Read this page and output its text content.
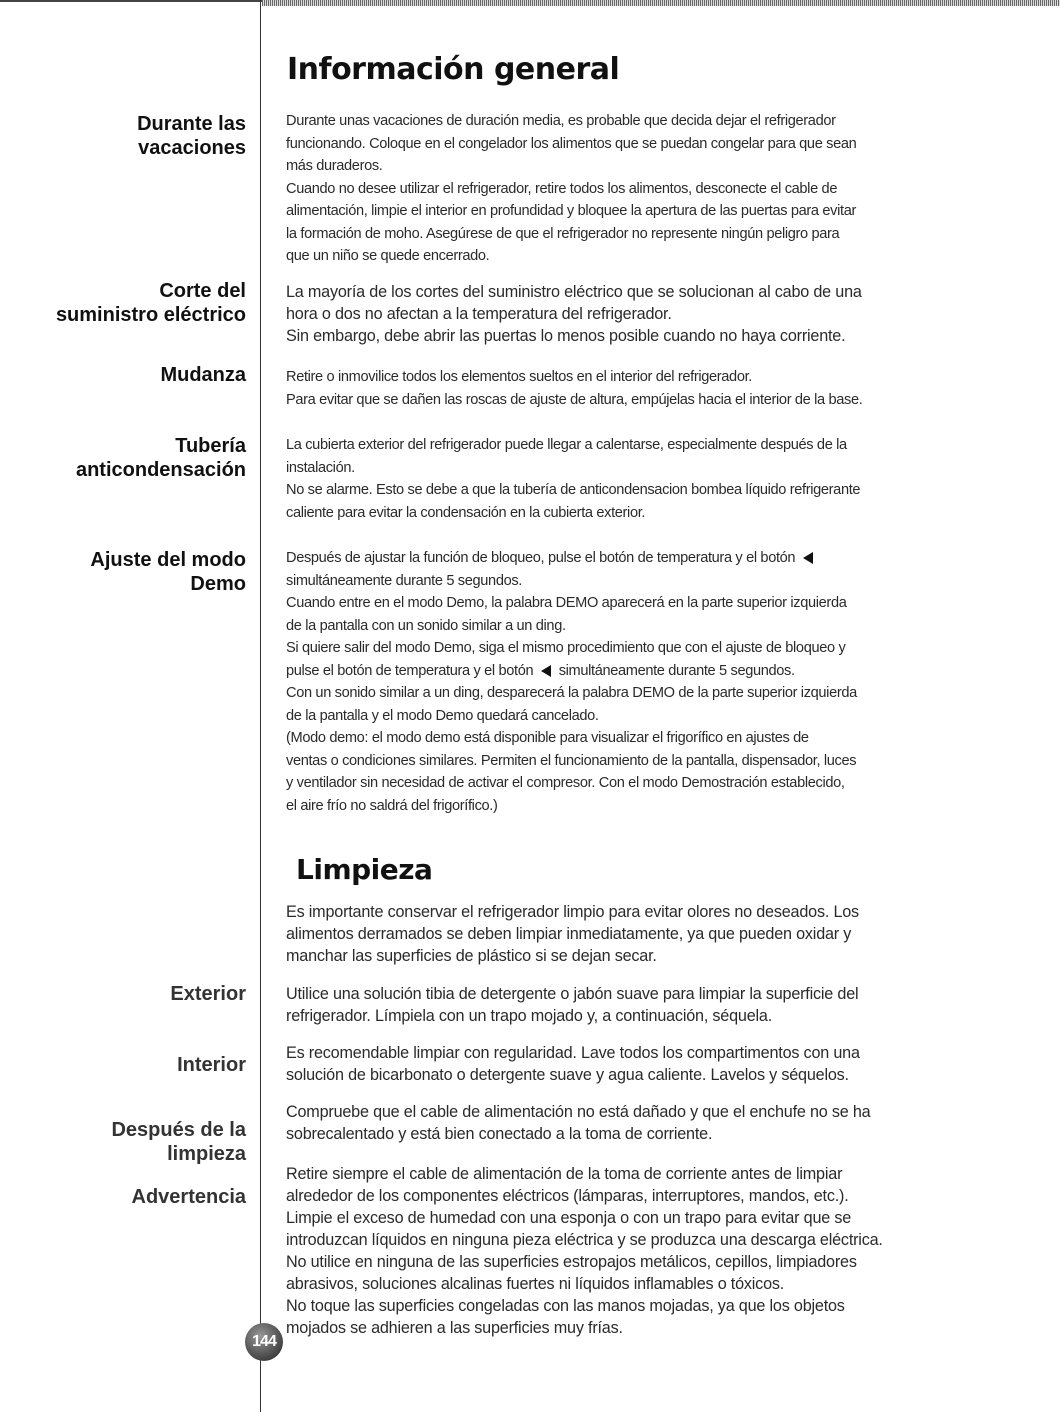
Información general
Durante las
vacaciones
Durante unas vacaciones de duración media, es probable que decida dejar el refrigerador
funcionando. Coloque en el congelador los alimentos que se puedan congelar para que sean
más duraderos.
Cuando no desee utilizar el refrigerador, retire todos los alimentos, desconecte el cable de
alimentación, limpie el interior en profundidad y bloquee la apertura de las puertas para evitar
la formación de moho. Asegúrese de que el refrigerador no represente ningún peligro para
que un niño se quede encerrado.
Corte del
suministro eléctrico
La mayoría de los cortes del suministro eléctrico que se solucionan al cabo de una
hora o dos no afectan a la temperatura del refrigerador.
Sin embargo, debe abrir las puertas lo menos posible cuando no haya corriente.
Mudanza	Retire o inmovilice todos los elementos sueltos en el interior del refrigerador.
Para evitar que se dañen las roscas de ajuste de altura, empújelas hacia el interior de la base.
Tubería
anticondensación
La cubierta exterior del refrigerador puede llegar a calentarse, especialmente después de la
instalación.
No se alarme. Esto se debe a que la tubería de anticondensacion bombea líquido refrigerante
caliente para evitar la condensación en la cubierta exterior.
Ajuste del modo
Demo
Después de ajustar la función de bloqueo, pulse el botón de temperatura y el botón
simultáneamente durante 5 segundos.
Cuando entre en el modo Demo, la palabra DEMO aparecerá en la parte superior izquierda
de la pantalla con un sonido similar a un ding.
Si quiere salir del modo Demo, siga el mismo procedimiento que con el ajuste de bloqueo y
pulse el botón de temperatura y el botón simultáneamente durante 5 segundos.
Con un sonido similar a un ding, desparecerá la palabra DEMO de la parte superior izquierda
de la pantalla y el modo Demo quedará cancelado.
(Modo demo: el modo demo está disponible para visualizar el frigorífico en ajustes de
ventas o condiciones similares. Permiten el funcionamiento de la pantalla, dispensador, luces
y ventilador sin necesidad de activar el compresor. Con el modo Demostración establecido,
el aire frío no saldrá del frigorífico.)
Limpieza
Es importante conservar el refrigerador limpio para evitar olores no deseados. Los
alimentos derramados se deben limpiar inmediatamente, ya que pueden oxidar y
manchar las superficies de plástico si se dejan secar.
Exterior Utilice una solución tibia de detergente o jabón suave para limpiar la superficie del
refrigerador. Límpiela con un trapo mojado y, a continuación, séquela.
Interior
Es recomendable limpiar con regularidad. Lave todos los compartimentos con una
solución de bicarbonato o detergente suave y agua caliente. Lavelos y séquelos.
Después de la
limpieza
Compruebe que el cable de alimentación no está dañado y que el enchufe no se ha
sobrecalentado y está bien conectado a la toma de corriente.
Advertencia
Retire siempre el cable de alimentación de la toma de corriente antes de limpiar
alrededor de los componentes eléctricos (lámparas, interruptores, mandos, etc.).
Limpie el exceso de humedad con una esponja o con un trapo para evitar que se
introduzcan líquidos en ninguna pieza eléctrica y se produzca una descarga eléctrica.
No utilice en ninguna de las superficies estropajos metálicos, cepillos, limpiadores
abrasivos, soluciones alcalinas fuertes ni líquidos inflamables o tóxicos.
No toque las superficies congeladas con las manos mojadas, ya que los objetos
mojados se adhieren a las superficies muy frías.
144
